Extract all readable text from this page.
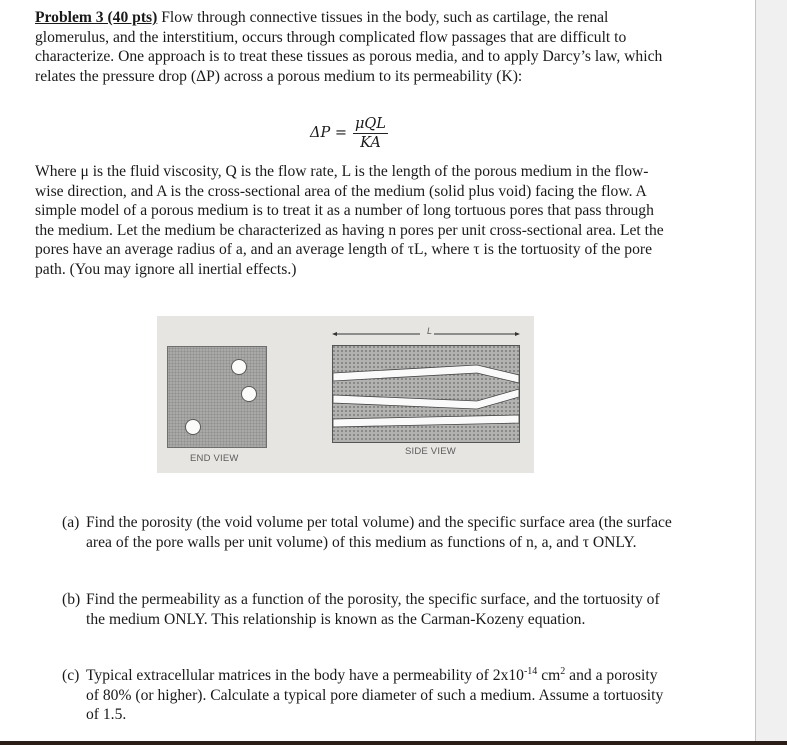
Problem 3 (40 pts) Flow through connective tissues in the body, such as cartilage, the renal glomerulus, and the interstitium, occurs through complicated flow passages that are difficult to characterize. One approach is to treat these tissues as porous media, and to apply Darcy’s law, which relates the pressure drop (ΔP) across a porous medium to its permeability (K):
$\Delta P = \frac{\text{μQL}}{KA}$
Where μ is the fluid viscosity, Q is the flow rate, L is the length of the porous medium in the flow-wise direction, and A is the cross-sectional area of the medium (solid plus void) facing the flow. A simple model of a porous medium is to treat it as a number of long tortuous pores that pass through the medium. Let the medium be characterized as having n pores per unit cross-sectional area. Let the pores have an average radius of a, and an average length of τL, where τ is the tortuosity of the pore path. (You may ignore all inertial effects.)
END VIEW
L
SIDE VIEW
(a) Find the porosity (the void volume per total volume) and the specific surface area (the surface area of the pore walls per unit volume) of this medium as functions of n, a, and τ ONLY.
(b) Find the permeability as a function of the porosity, the specific surface, and the tortuosity of the medium ONLY. This relationship is known as the Carman-Kozeny equation.
(c) Typical extracellular matrices in the body have a permeability of $2x10^{-14}$ $cm^2$ and a porosity of 80% (or higher). Calculate a typical pore diameter of such a medium. Assume a tortuosity of 1.5.
